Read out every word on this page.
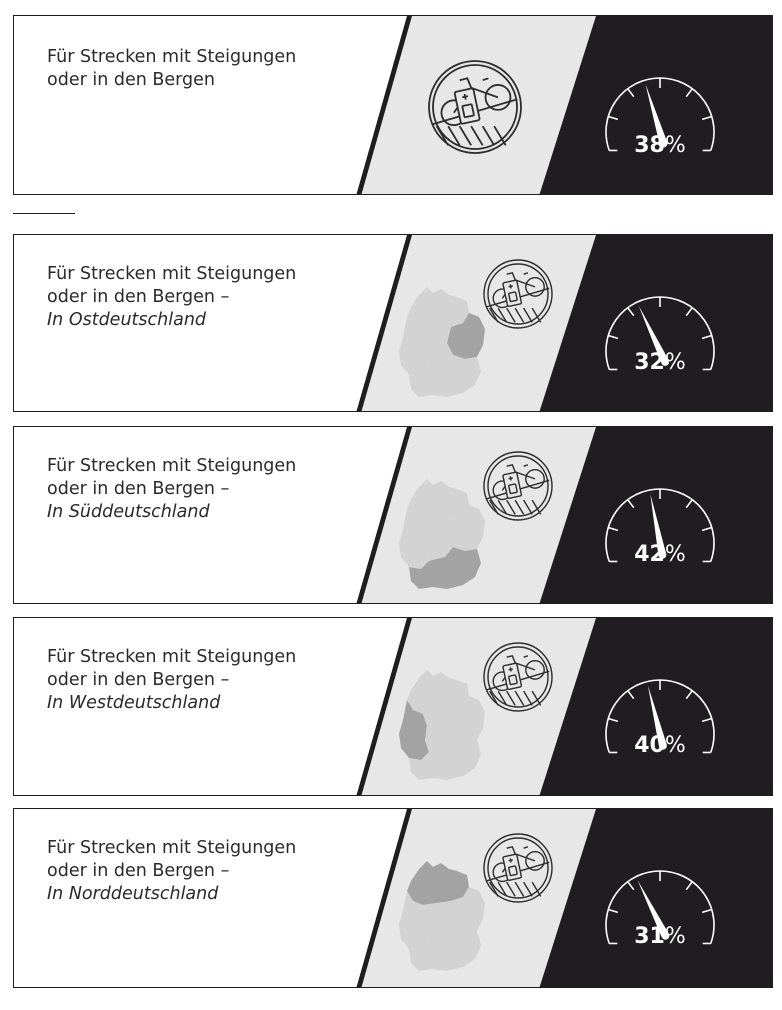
Für Strecken mit Steigungen
oder in den Bergen
38%
Für Strecken mit Steigungen
oder in den Bergen –
In Ostdeutschland
32%
Für Strecken mit Steigungen
oder in den Bergen –
In Süddeutschland
42%
Für Strecken mit Steigungen
oder in den Bergen –
In Westdeutschland
40%
Für Strecken mit Steigungen
oder in den Bergen –
In Norddeutschland
31%
